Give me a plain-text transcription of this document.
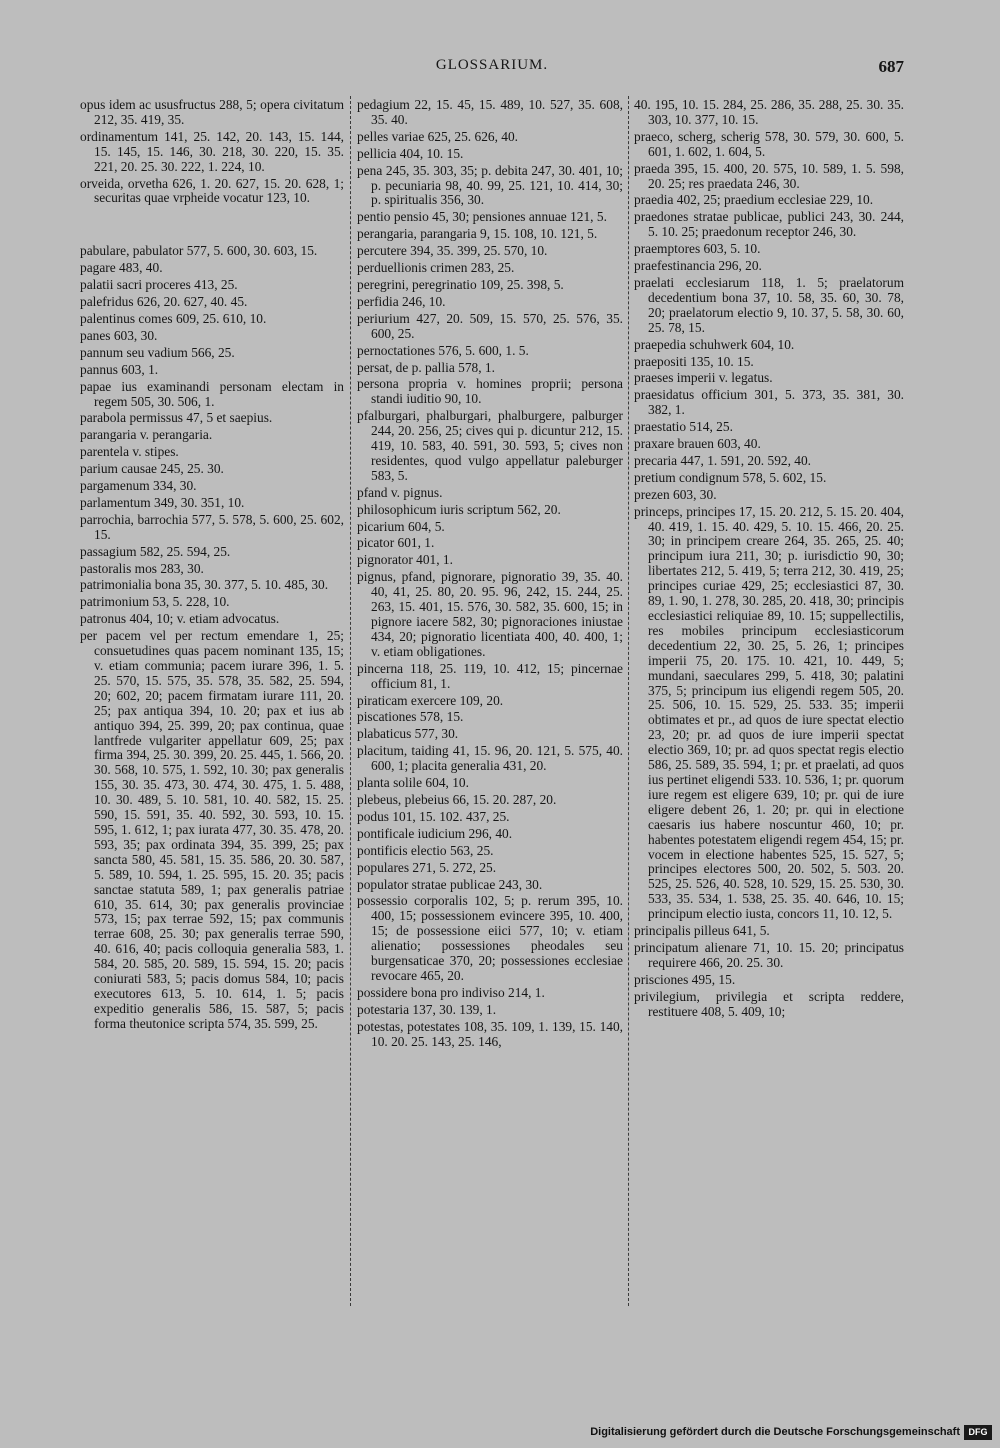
GLOSSARIUM.	687
opus idem ac ususfructus 288, 5; opera civitatum 212, 35. 419, 35.
ordinamentum 141, 25. 142, 20. 143, 15. 144, 15. 145, 15. 146, 30. 218, 30. 220, 15. 35. 221, 20. 25. 30. 222, 1. 224, 10.
orveida, orvetha 626, 1. 20. 627, 15. 20. 628, 1; securitas quae vrpheide vocatur 123, 10.
pabulare, pabulator 577, 5. 600, 30. 603, 15.
pagare 483, 40.
palatii sacri proceres 413, 25.
palefridus 626, 20. 627, 40. 45.
palentinus comes 609, 25. 610, 10.
panes 603, 30.
pannum seu vadium 566, 25.
pannus 603, 1.
papae ius examinandi personam electam in regem 505, 30. 506, 1.
parabola permissus 47, 5 et saepius.
parangaria v. perangaria.
parentela v. stipes.
parium causae 245, 25. 30.
pargamenum 334, 30.
parlamentum 349, 30. 351, 10.
parrochia, barrochia 577, 5. 578, 5. 600, 25. 602, 15.
passagium 582, 25. 594, 25.
pastoralis mos 283, 30.
patrimonialia bona 35, 30. 377, 5. 10. 485, 30.
patrimonium 53, 5. 228, 10.
patronus 404, 10; v. etiam advocatus.
per pacem vel per rectum emendare 1, 25; consuetudines quas pacem nominant 135, 15; v. etiam communia; pacem iurare 396, 1. 5. 25. 570, 15. 575, 35. 578, 35. 582, 25. 594, 20; 602, 20; pacem firmatam iurare 111, 20. 25; pax antiqua 394, 10. 20; pax et ius ab antiquo 394, 25. 399, 20; pax continua, quae lantfrede vulgariter appellatur 609, 25; pax firma 394, 25. 30. 399, 20. 25. 445, 1. 566, 20. 30. 568, 10. 575, 1. 592, 10. 30; pax generalis 155, 30. 35. 473, 30. 474, 30. 475, 1. 5. 488, 10. 30. 489, 5. 10. 581, 10. 40. 582, 15. 25. 590, 15. 591, 35. 40. 592, 30. 593, 10. 15. 595, 1. 612, 1; pax iurata 477, 30. 35. 478, 20. 593, 35; pax ordinata 394, 35. 399, 25; pax sancta 580, 45. 581, 15. 35. 586, 20. 30. 587, 5. 589, 10. 594, 1. 25. 595, 15. 20. 35; pacis sanctae statuta 589, 1; pax generalis patriae 610, 35. 614, 30; pax generalis provinciae 573, 15; pax terrae 592, 15; pax communis terrae 608, 25. 30; pax generalis terrae 590, 40. 616, 40; pacis colloquia generalia 583, 1. 584, 20. 585, 20. 589, 15. 594, 15. 20; pacis coniurati 583, 5; pacis domus 584, 10; pacis executores 613, 5. 10. 614, 1. 5; pacis expeditio generalis 586, 15. 587, 5; pacis forma theutonice scripta 574, 35. 599, 25.
pedagium 22, 15. 45, 15. 489, 10. 527, 35. 608, 35. 40.
pelles variae 625, 25. 626, 40.
pellicia 404, 10. 15.
pena 245, 35. 303, 35; p. debita 247, 30. 401, 10; p. pecuniaria 98, 40. 99, 25. 121, 10. 414, 30; p. spiritualis 356, 30.
pentio pensio 45, 30; pensiones annuae 121, 5.
perangaria, parangaria 9, 15. 108, 10. 121, 5.
percutere 394, 35. 399, 25. 570, 10.
perduellionis crimen 283, 25.
peregrini, peregrinatio 109, 25. 398, 5.
perfidia 246, 10.
periurium 427, 20. 509, 15. 570, 25. 576, 35. 600, 25.
pernoctationes 576, 5. 600, 1. 5.
persat, de p. pallia 578, 1.
persona propria v. homines proprii; persona standi iuditio 90, 10.
pfalburgari, phalburgari, phalburgere, palburger 244, 20. 256, 25; cives qui p. dicuntur 212, 15. 419, 10. 583, 40. 591, 30. 593, 5; cives non residentes, quod vulgo appellatur paleburger 583, 5.
pfand v. pignus.
philosophicum iuris scriptum 562, 20.
picarium 604, 5.
picator 601, 1.
pignorator 401, 1.
pignus, pfand, pignorare, pignoratio 39, 35. 40. 40, 41, 25. 80, 20. 95. 96, 242, 15. 244, 25. 263, 15. 401, 15. 576, 30. 582, 35. 600, 15; in pignore iacere 582, 30; pignoraciones iniustae 434, 20; pignoratio licentiata 400, 40. 400, 1; v. etiam obligationes.
pincerna 118, 25. 119, 10. 412, 15; pincernae officium 81, 1.
piraticam exercere 109, 20.
piscationes 578, 15.
plabaticus 577, 30.
placitum, taiding 41, 15. 96, 20. 121, 5. 575, 40. 600, 1; placita generalia 431, 20.
planta solile 604, 10.
plebeus, plebeius 66, 15. 20. 287, 20.
podus 101, 15. 102. 437, 25.
pontificale iudicium 296, 40.
pontificis electio 563, 25.
populares 271, 5. 272, 25.
populator stratae publicae 243, 30.
possessio corporalis 102, 5; p. rerum 395, 10. 400, 15; possessionem evincere 395, 10. 400, 15; de possessione eiici 577, 10; v. etiam alienatio; possessiones pheodales seu burgensaticae 370, 20; possessiones ecclesiae revocare 465, 20.
possidere bona pro indiviso 214, 1.
potestaria 137, 30. 139, 1.
potestas, potestates 108, 35. 109, 1. 139, 15. 140, 10. 20. 25. 143, 25. 146,
40. 195, 10. 15. 284, 25. 286, 35. 288, 25. 30. 35. 303, 10. 377, 10. 15.
praeco, scherg, scherig 578, 30. 579, 30. 600, 5. 601, 1. 602, 1. 604, 5.
praeda 395, 15. 400, 20. 575, 10. 589, 1. 5. 598, 20. 25; res praedata 246, 30.
praedia 402, 25; praedium ecclesiae 229, 10.
praedones stratae publicae, publici 243, 30. 244, 5. 10. 25; praedonum receptor 246, 30.
praemptores 603, 5. 10.
praefestinancia 296, 20.
praelati ecclesiarum 118, 1. 5; praelatorum decedentium bona 37, 10. 58, 35. 60, 30. 78, 20; praelatorum electio 9, 10. 37, 5. 58, 30. 60, 25. 78, 15.
praepedia schuhwerk 604, 10.
praepositi 135, 10. 15.
praeses imperii v. legatus.
praesidatus officium 301, 5. 373, 35. 381, 30. 382, 1.
praestatio 514, 25.
praxare brauen 603, 40.
precaria 447, 1. 591, 20. 592, 40.
pretium condignum 578, 5. 602, 15.
prezen 603, 30.
princeps, principes 17, 15. 20. 212, 5. 15. 20. 404, 40. 419, 1. 15. 40. 429, 5. 10. 15. 466, 20. 25. 30; in principem creare 264, 35. 265, 25. 40; principum iura 211, 30; p. iurisdictio 90, 30; libertates 212, 5. 419, 5; terra 212, 30. 419, 25; principes curiae 429, 25; ecclesiastici 87, 30. 89, 1. 90, 1. 278, 30. 285, 20. 418, 30; principis ecclesiastici reliquiae 89, 10. 15; suppellectilis, res mobiles principum ecclesiasticorum decedentium 22, 30. 25, 5. 26, 1; principes imperii 75, 20. 175. 10. 421, 10. 449, 5; mundani, saeculares 299, 5. 418, 30; palatini 375, 5; principum ius eligendi regem 505, 20. 25. 506, 10. 15. 529, 25. 533. 35; imperii obtimates et pr., ad quos de iure spectat electio 23, 20; pr. ad quos de iure imperii spectat electio 369, 10; pr. ad quos spectat regis electio 586, 25. 589, 35. 594, 1; pr. et praelati, ad quos ius pertinet eligendi 533. 10. 536, 1; pr. quorum iure regem est eligere 639, 10; pr. qui de iure eligere debent 26, 1. 20; pr. qui in electione caesaris ius habere noscuntur 460, 10; pr. habentes potestatem eligendi regem 454, 15; pr. vocem in electione habentes 525, 15. 527, 5; principes electores 500, 20. 502, 5. 503. 20. 525, 25. 526, 40. 528, 10. 529, 15. 25. 530, 30. 533, 35. 534, 1. 538, 25. 35. 40. 646, 10. 15; principum electio iusta, concors 11, 10. 12, 5.
principalis pilleus 641, 5.
principatum alienare 71, 10. 15. 20; principatus requirere 466, 20. 25. 30.
prisciones 495, 15.
privilegium, privilegia et scripta reddere, restituere 408, 5. 409, 10;
Digitalisierung gefördert durch die Deutsche Forschungsgemeinschaft DFG
